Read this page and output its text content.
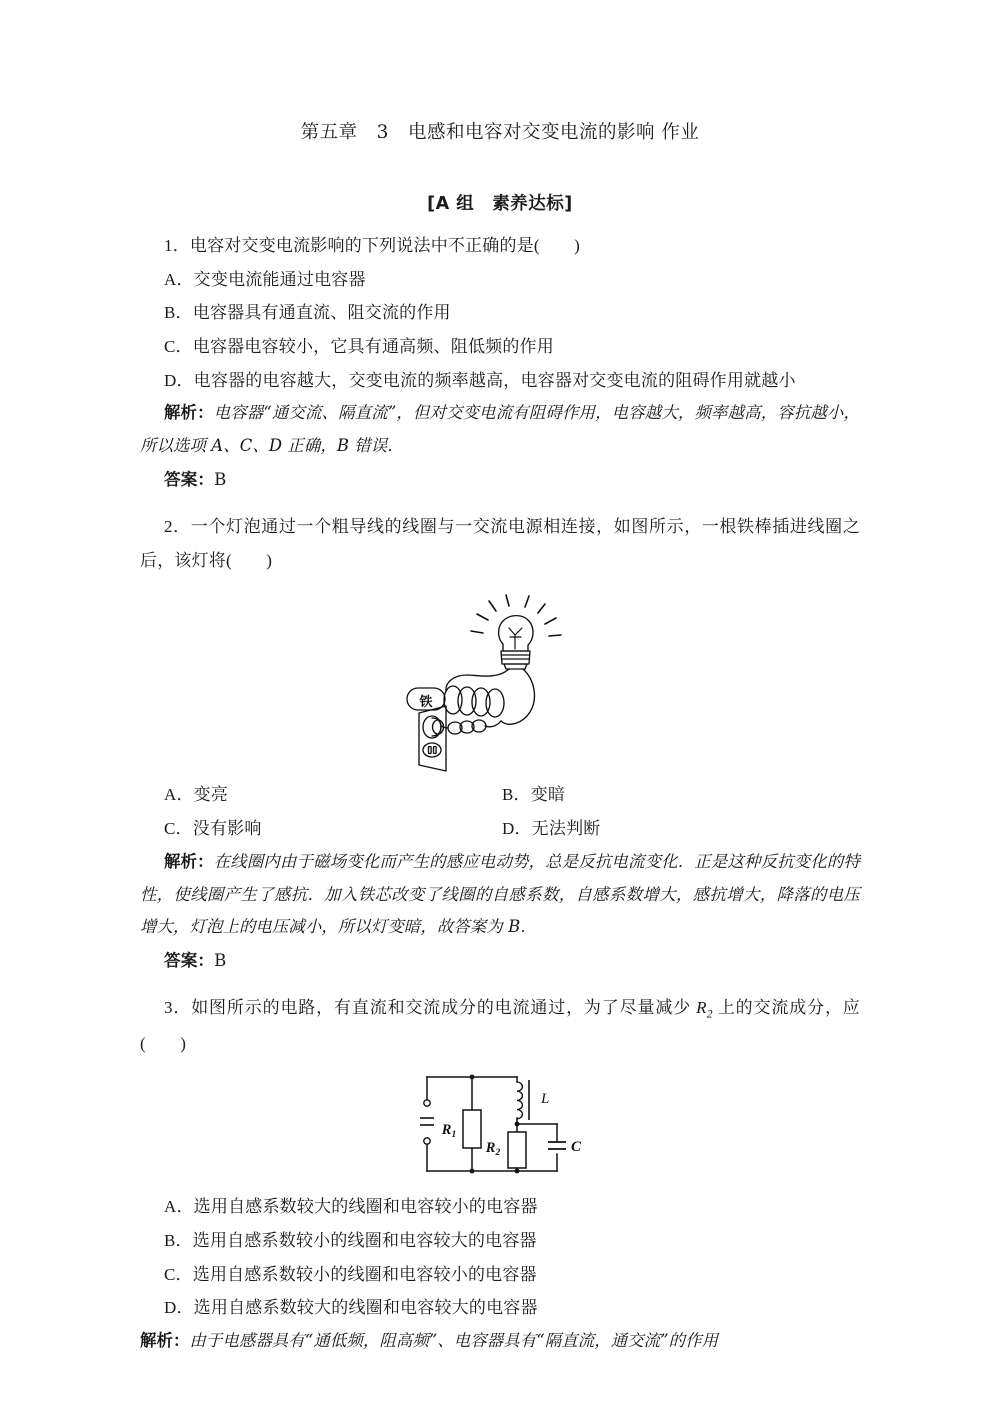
第五章　3　电感和电容对交变电流的影响 作业
[A 组　素养达标]
1．电容对交变电流影响的下列说法中不正确的是(　　)
A．交变电流能通过电容器
B．电容器具有通直流、阻交流的作用
C．电容器电容较小，它具有通高频、阻低频的作用
D．电容器的电容越大，交变电流的频率越高，电容器对交变电流的阻碍作用就越小
解析：电容器“通交流、隔直流”，但对交变电流有阻碍作用，电容越大，频率越高，容抗越小，所以选项 A、C、D 正确，B 错误．
答案：B
2．一个灯泡通过一个粗导线的线圈与一交流电源相连接，如图所示，一根铁棒插进线圈之后，该灯将(　　)
铁
A．变亮	B．变暗
C．没有影响	D．无法判断
解析：在线圈内由于磁场变化而产生的感应电动势，总是反抗电流变化．正是这种反抗变化的特性，使线圈产生了感抗．加入铁芯改变了线圈的自感系数，自感系数增大，感抗增大，降落的电压增大，灯泡上的电压减小，所以灯变暗，故答案为 B．
答案：B
3．如图所示的电路，有直流和交流成分的电流通过，为了尽量减少 $R_2$ 上的交流成分，应(　　)
$R_1$
$R_2$
L
C
A．选用自感系数较大的线圈和电容较小的电容器
B．选用自感系数较小的线圈和电容较大的电容器
C．选用自感系数较小的线圈和电容较小的电容器
D．选用自感系数较大的线圈和电容较大的电容器
解析：由于电感器具有“通低频，阻高频”、电容器具有“隔直流，通交流”的作用
